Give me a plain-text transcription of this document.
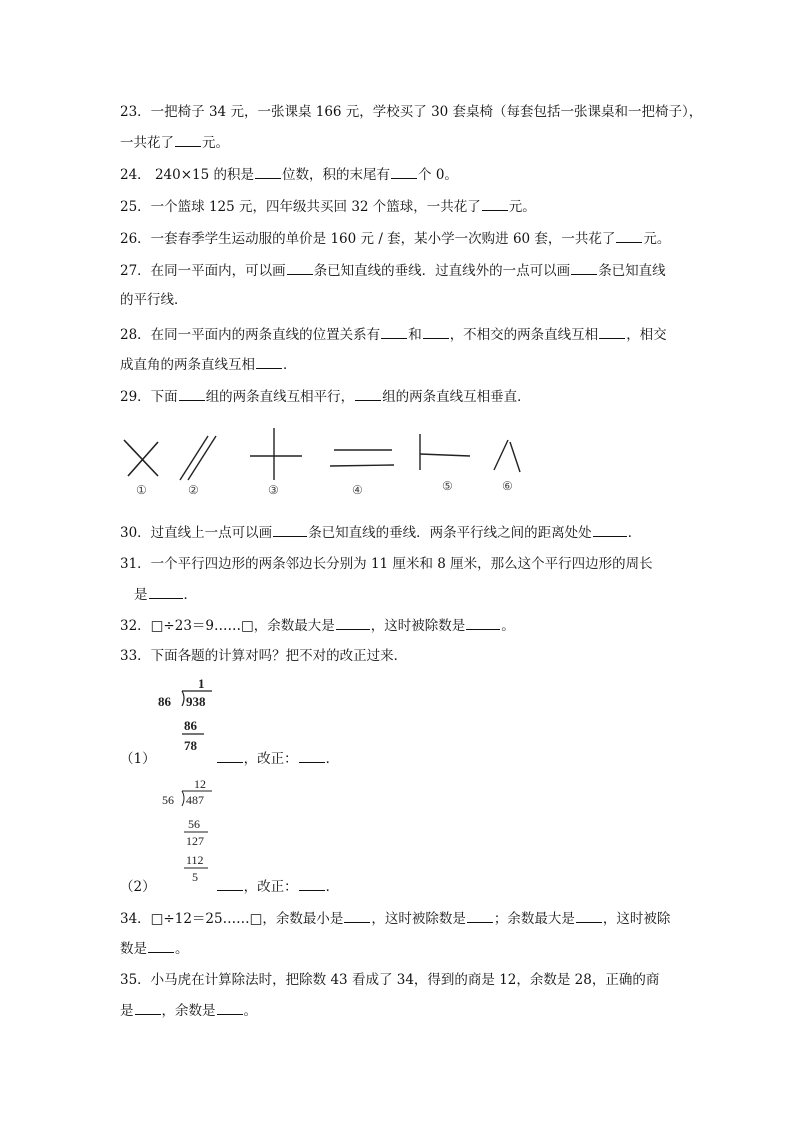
23．一把椅子 34 元，一张课桌 166 元，学校买了 30 套桌椅（每套包括一张课桌和一把椅子），
一共花了 元。
24． 240×15 的积是 位数，积的末尾有 个 0。
25．一个篮球 125 元，四年级共买回 32 个篮球，一共花了 元。
26．一套春季学生运动服的单价是 160 元 / 套，某小学一次购进 60 套，一共花了 元。
27．在同一平面内，可以画 条已知直线的垂线．过直线外的一点可以画 条已知直线
的平行线．
28．在同一平面内的两条直线的位置关系有 和 ，不相交的两条直线互相 ，相交
成直角的两条直线互相 ．
29．下面 组的两条直线互相平行， 组的两条直线互相垂直．
①	②	③	④	⑤	⑥
30．过直线上一点可以画	条已知直线的垂线．两条平行线之间的距离处处	．
31．一个平行四边形的两条邻边长分别为 11 厘米和 8 厘米，那么这个平行四边形的周长
是	．
32．□÷23＝9……□，余数最大是	，这时被除数是	。
33．下面各题的计算对吗？把不对的改正过来．
1
86 938
86
78
（1）	，改正： ．
12
56 487
56
127
112
5
（2）	，改正： ．
34．□÷12＝25……□，余数最小是 ，这时被除数是 ；余数最大是 ，这时被除
数是 。
35．小马虎在计算除法时，把除数 43 看成了 34，得到的商是 12，余数是 28，正确的商
是 ，余数是 。
